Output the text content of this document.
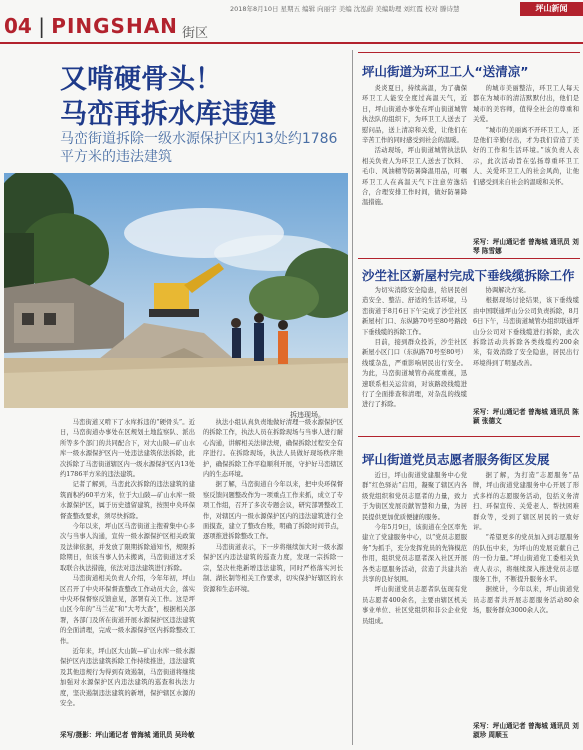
04 | PINGSHAN 街区
2018年8月10日 星期五 编辑 向丽宇 美编 沈泓蔚 美编助理 刘红霞 校对 滕诗慧	坪山新闻
又啃硬骨头！
马峦再拆水库违建
马峦街道拆除一级水源保护区内13处约1786平方米的违法建筑
拆违现场。

马峦街道又啃下了水库拆违的“硬骨头”。近日，马峦街道办事处在区规划土地监察队、派出所等多个部门的共同配合下，对大山陂—矿山水库一级水源保护区内一处违法建筑依法拆除，此次拆除了马峦街道辖区内一级水源保护区内13处约1786平方米的违法建筑。

记者了解到，马峦此次拆除的违法建筑的建筑面积约60平方米，位于大山陂—矿山水库一级水源保护区，属于历史遗留建筑，按照中央环保督查整改要求，须尽快拆除。

今年以来，坪山区马峦街道主抱着集中心多次与当事人沟通，宣传一级水源保护区相关政策及法律依据，并发放了限期拆除通知书，规限拆除期日，但该当事人仍未搬离，马峦街道这才采取联合执法措施，依法对违法建筑进行拆除。

马峦街道相关负责人介绍，今年年初，坪山区召开了中央环保督查整改工作动员大会，落实中央环保督察反馈意见，部署有关工作。这是坪山区今年的“马兰花”和“大考大查”，根据相关部署，各部门及所在街道开展水源保护区违法建筑的全面清理，完成一级水源保护区内拆除整改工作。

近年来，坪山区大山陂—矿山水库一级水源保护区内违法建筑拆除工作持续推进，违法建筑及其他违规行为得到有效遏制，马峦街道将继续加强对水源保护区内违法建筑的巡查和执法力度，坚决遏制违法建筑的新增，保护辖区水源的安全。

执法小组认真负责地做好清理一级水源保护区的拆除工作，执法人员在拆除现场与当事人进行耐心沟通，讲解相关法律法规，确保拆除过程安全有序进行。在拆除现场，执法人员做好现场秩序维护，确保拆除工作平稳顺利开展，守护好马峦辖区内的生态环境。

据了解，马峦街道自今年以来，把中央环保督察反馈问题整改作为一项重点工作来抓，成立了专项工作组，召开了多次专题会议，研究部署整改工作，对辖区内一级水源保护区内的违法建筑进行全面摸查，建立了整改台账，明确了拆除时间节点，逐项推进拆除整改工作。

马峦街道表示，下一步将继续加大对一级水源保护区内违法建筑的巡查力度，发现一宗拆除一宗，坚决杜绝新增违法建筑，同时严格落实河长制、湖长制等相关工作要求，切实保护好辖区的水资源和生态环境。

采写/摄影：坪山通记者 曾海城 通讯员 吴玲敏
坪山街道为环卫工人“送清凉”

炎炎夏日，持续高温，为了确保环卫工人能安全度过高温天气，近日，坪山街道办事处在坪山街道城管执法队的组织下，为环卫工人送去了慰问品，送上清凉和关爱，让他们在辛苦工作的同时感受到社会的温暖。

活动现场，坪山街道城管执法队相关负责人为环卫工人送去了饮料、毛巾、风油精等防暑降温用品，叮嘱环卫工人在高温天气下注意劳逸结合，合理安排工作时间，做好防暑降温措施。

的城市美丽整洁，环卫工人每天都在为城市的清洁默默付出，他们是城市的美容师，值得全社会的尊重和关爱。

“城市的美丽离不开环卫工人，还是他们辛勤付出，才为我们营造了美好的工作和生活环境。”该负责人表示，此次活动旨在弘扬尊重环卫工人、关爱环卫工人的社会风尚，让他们感受到来自社会的温暖和关怀。

采写：坪山通记者 曾海城 通讯员 刘 琴 陈雪娜
沙坣社区新屋村完成下垂线缆拆除工作

为切实消除安全隐患，给居民创造安全、整洁、舒适的生活环境，马峦街道于8月6日下午完成了沙坣社区新屋村门口、东纵路70号至80号路段下垂线缆的拆除工作。

目前，接到群众投诉，沙坣社区新屋小区门口（东纵路70号至80号）线缆杂乱，严重影响居民出行安全。为此，马峦街道城管办高度重视，迅速联系相关运营商，对该路段线缆进行了全面排查和清理，对杂乱的线缆进行了拆除。

协调解决方案。

根据现场讨论结果，该下垂线缆由中国联通坪山分公司负责拆除，8月6日下午，马峦街道城管办组织联通坪山分公司对下垂线缆进行拆除，此次拆除活动共拆除各类线缆约200余米，有效消除了安全隐患，居民出行环境得到了明显改善。

采写：坪山通记者 曾海城 通讯员 陈 颖 张德文
坪山街道党员志愿者服务街区发展

近日，坪山街道党建服务中心党群“红色驿站”启用，凝聚了辖区内各级党组织和党员志愿者的力量，致力于为街区发展贡献智慧和力量，为居民提供更加优质便捷的服务。

今年5月9日，该街道在全区率先建立了党建服务中心，以“党员志愿服务”为抓手，充分发挥党员的先锋模范作用，组织党员志愿者深入社区开展各类志愿服务活动，营造了共建共治共享的良好氛围。

坪山街道党员志愿者队伍现有党员志愿者400余名，主要由辖区机关事业单位、社区党组织和非公企业党员组成。

据了解，为打造“志愿服务”品牌，坪山街道党建服务中心开展了形式多样的志愿服务活动，包括义务清扫、环保宣传、关爱老人、帮扶困难群众等，受到了辖区居民的一致好评。

“希望更多的党员加入到志愿服务的队伍中来，为坪山的发展贡献自己的一份力量。”坪山街道党工委相关负责人表示，将继续深入推进党员志愿服务工作，不断提升服务水平。

据统计，今年以来，坪山街道党员志愿者共开展志愿服务活动80余场，服务群众3000余人次。

采写：坪山通记者 曾海城 通讯员 刘淑珍 周顺玉
